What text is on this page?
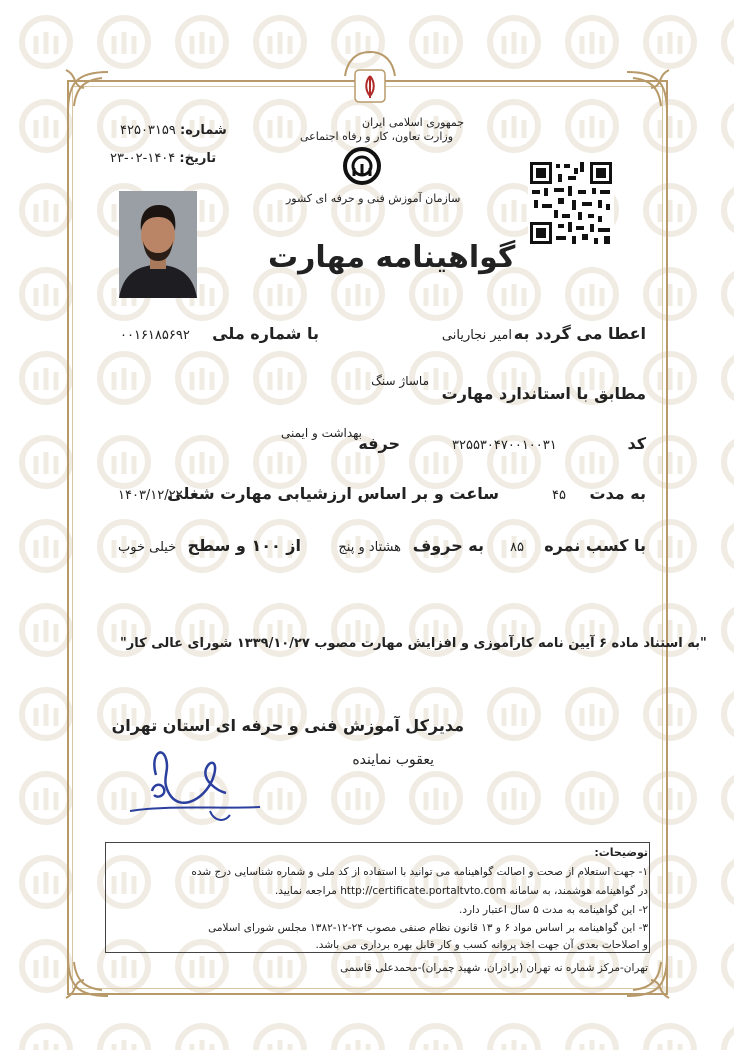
جمهوری اسلامی ایران
وزارت تعاون، کار و رفاه اجتماعی
سازمان آموزش فنی و حرفه ای کشور
شماره: ۴۲۵۰۳۱۵۹
تاریخ: ۱۴۰۴-۰۲-۲۳
گواهینامه مهارت
اعطا می گردد به
امیر نجاریانی
با شماره ملی
۰۰۱۶۱۸۵۶۹۲
مطابق با استاندارد مهارت
ماساژ سنگ
کد
۳۲۵۵۳۰۴۷۰۰۱۰۰۳۱
حرفه
بهداشت و ایمنی
به مدت
۴۵
ساعت و بر اساس ارزشیابی مهارت شغلی
۱۴۰۳/۱۲/۲۲
با کسب نمره
۸۵
به حروف
هشتاد و پنج
از ۱۰۰ و سطح
خیلی خوب
"به استناد ماده ۶ آیین نامه کارآموزی و افزایش مهارت مصوب ۱۳۳۹/۱۰/۲۷ شورای عالی کار"
مدیرکل آموزش فنی و حرفه ای استان تهران
یعقوب نماینده
توضیحات:
۱- جهت استعلام از صحت و اصالت گواهینامه می توانید با استفاده از کد ملی و شماره شناسایی درج شده
در گواهینامه هوشمند، به سامانه http://certificate.portaltvto.com مراجعه نمایید.
۲- این گواهینامه به مدت ۵ سال اعتبار دارد.
۳- این گواهینامه بر اساس مواد ۶ و ۱۳ قانون نظام صنفی مصوب ۲۴-۱۲-۱۳۸۲ مجلس شورای اسلامی
و اصلاحات بعدی آن جهت اخذ پروانه کسب و کار قابل بهره برداری می باشد.
تهران-مرکز شماره نه تهران (برادران، شهید چمران)-محمدعلی قاسمی
